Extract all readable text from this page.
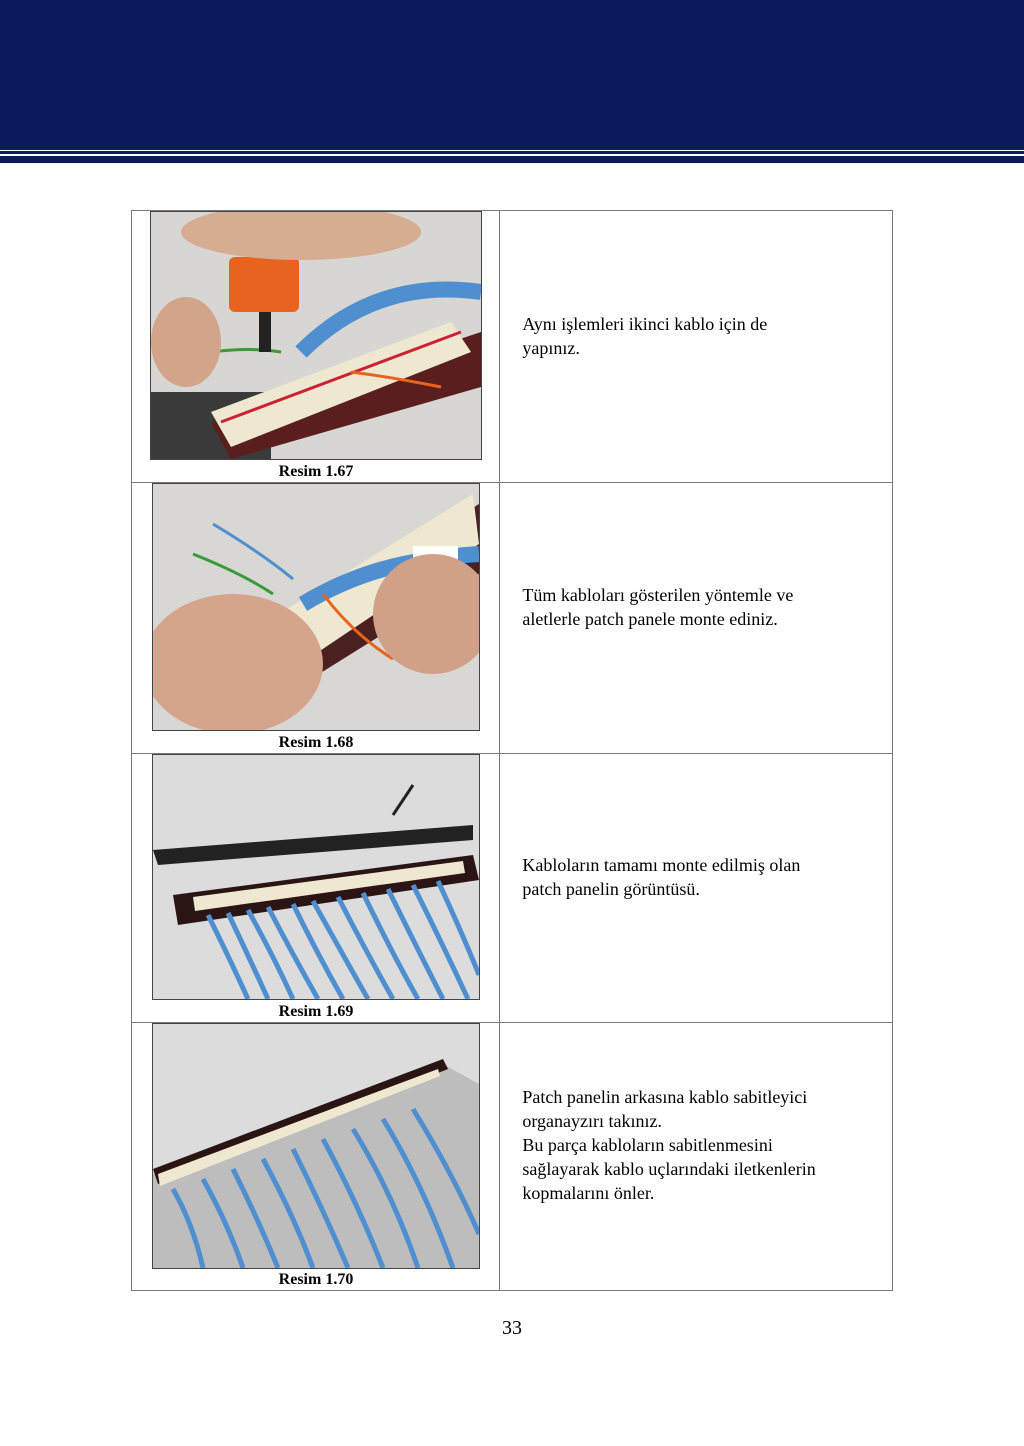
Resim 1.67	Aynı işlemleri ikinci kablo için de
yapınız.

Resim 1.68	Tüm kabloları gösterilen yöntemle ve
aletlerle patch panele monte ediniz.

Resim 1.69	Kabloların tamamı monte edilmiş olan
patch panelin görüntüsü.

Resim 1.70	Patch panelin arkasına kablo sabitleyici
organayzırı takınız.
Bu parça kabloların sabitlenmesini
sağlayarak kablo uçlarındaki iletkenlerin
kopmalarını önler.
33
